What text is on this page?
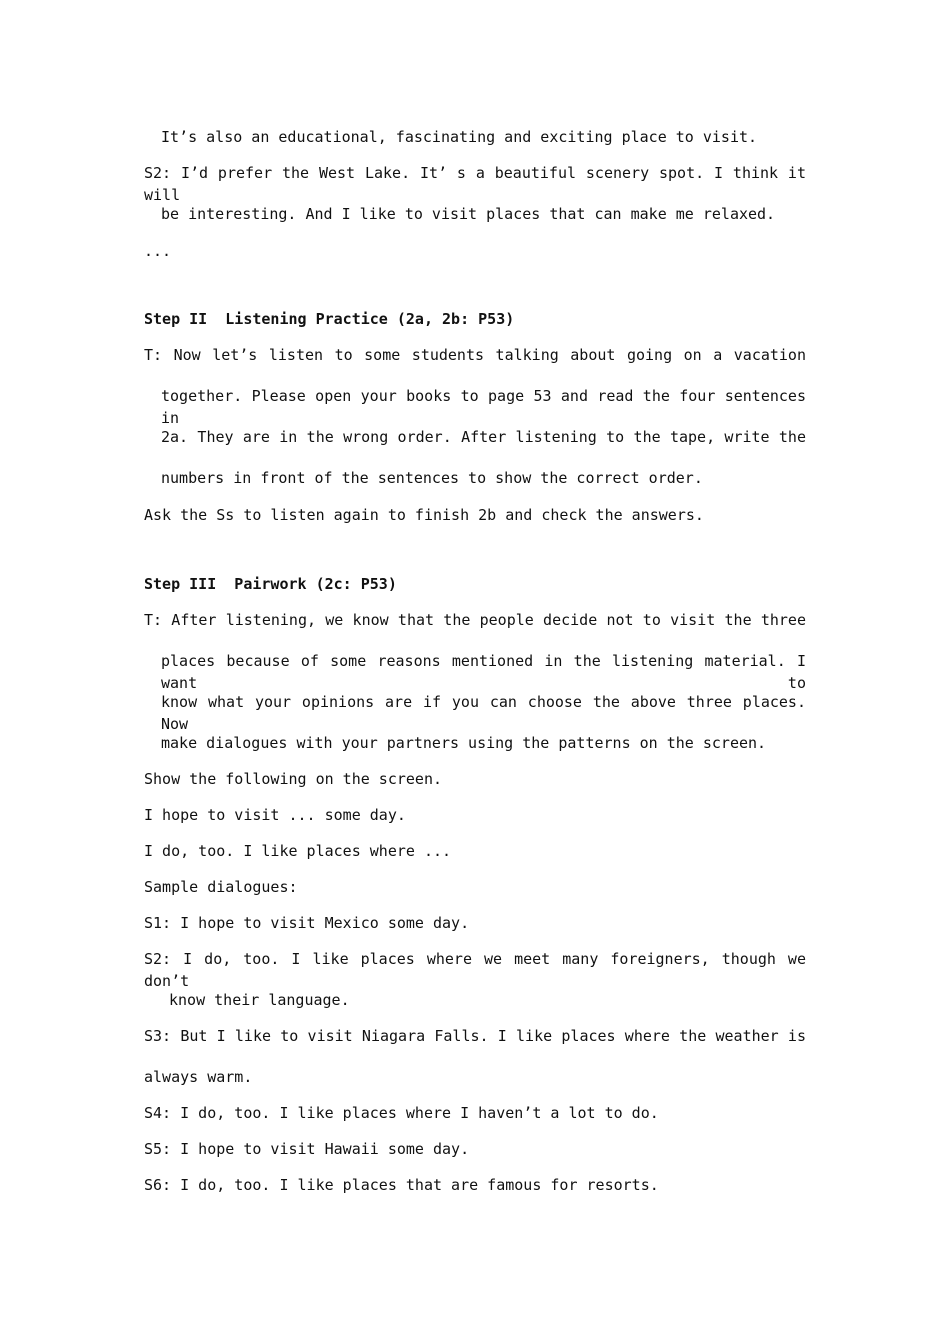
It’s also an educational, fascinating and exciting place to visit.
S2: I’d prefer the West Lake. It’ s a beautiful scenery spot. I think it will
be interesting. And I like to visit places that can make me relaxed.
...
Step II  Listening Practice (2a, 2b: P53)
T: Now let’s listen to some students talking about going on a vacation
together. Please open your books to page 53 and read the four sentences in
2a. They are in the wrong order. After listening to the tape, write the
numbers in front of the sentences to show the correct order.
Ask the Ss to listen again to finish 2b and check the answers.
Step III  Pairwork (2c: P53)
T: After listening, we know that the people decide not to visit the three
places because of some reasons mentioned in the listening material. I want to
know what your opinions are if you can choose the above three places. Now
make dialogues with your partners using the patterns on the screen.
Show the following on the screen.
I hope to visit ... some day.
I do, too. I like places where ...
Sample dialogues:
S1: I hope to visit Mexico some day.
S2: I do, too. I like places where we meet many foreigners, though we don’t
know their language.
S3: But I like to visit Niagara Falls. I like places where the weather is
always warm.
S4: I do, too. I like places where I haven’t a lot to do.
S5: I hope to visit Hawaii some day.
S6: I do, too. I like places that are famous for resorts.
